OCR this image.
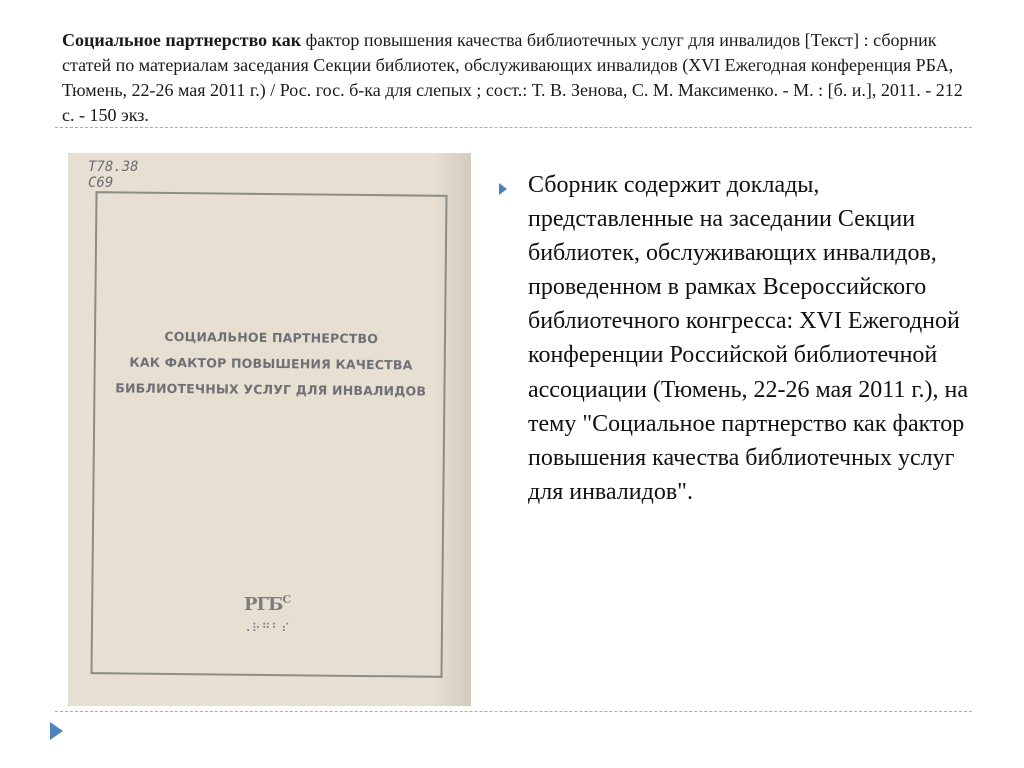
Социальное партнерство как фактор повышения качества библиотечных услуг для инвалидов [Текст] : сборник статей по материалам заседания Секции библиотек, обслуживающих инвалидов (XVI Ежегодная конференция РБА, Тюмень, 22-26 мая 2011 г.) / Рос. гос. б-ка для слепых ; сост.: Т. В. Зенова, С. М. Максименко. - М. : [б. и.], 2011. - 212 с. - 150 экз.
Т78.38
С69
СОЦИАЛЬНОЕ ПАРТНЕРСТВО
КАК ФАКТОР ПОВЫШЕНИЯ КАЧЕСТВА
БИБЛИОТЕЧНЫХ УСЛУГ ДЛЯ ИНВАЛИДОВ
$РГБ^С$
⠠⠗⠛⠃⠎
Сборник содержит доклады, представленные на заседании Секции библиотек, обслуживающих инвалидов, проведенном в рамках Всероссийского библиотечного конгресса: XVI Ежегодной конференции Российской библиотечной ассоциации (Тюмень, 22-26 мая 2011 г.), на тему "Социальное партнерство как фактор повышения качества библиотечных услуг для инвалидов".
